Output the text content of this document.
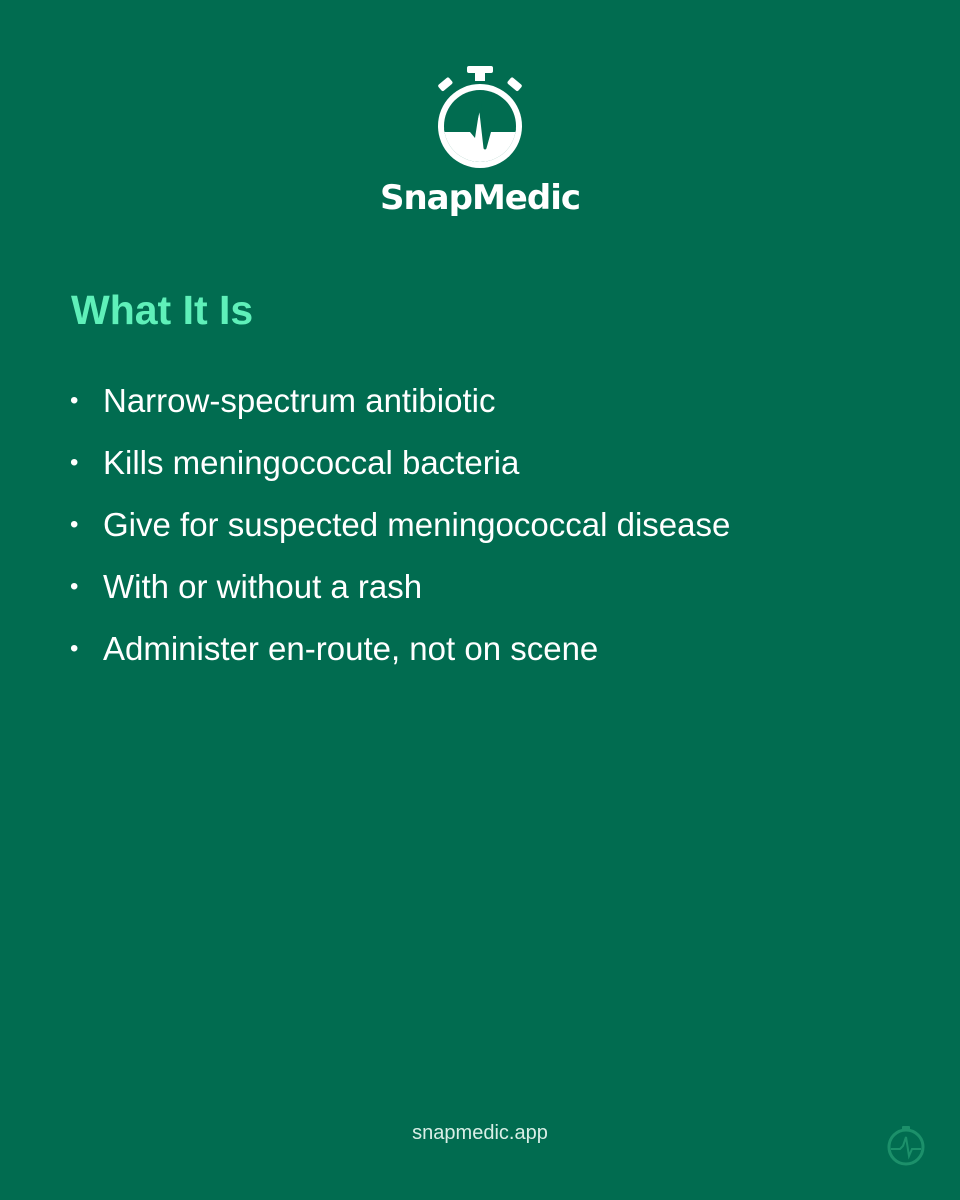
SnapMedic
What It Is
• Narrow-spectrum antibiotic
• Kills meningococcal bacteria
• Give for suspected meningococcal disease
• With or without a rash
• Administer en-route, not on scene
snapmedic.app
